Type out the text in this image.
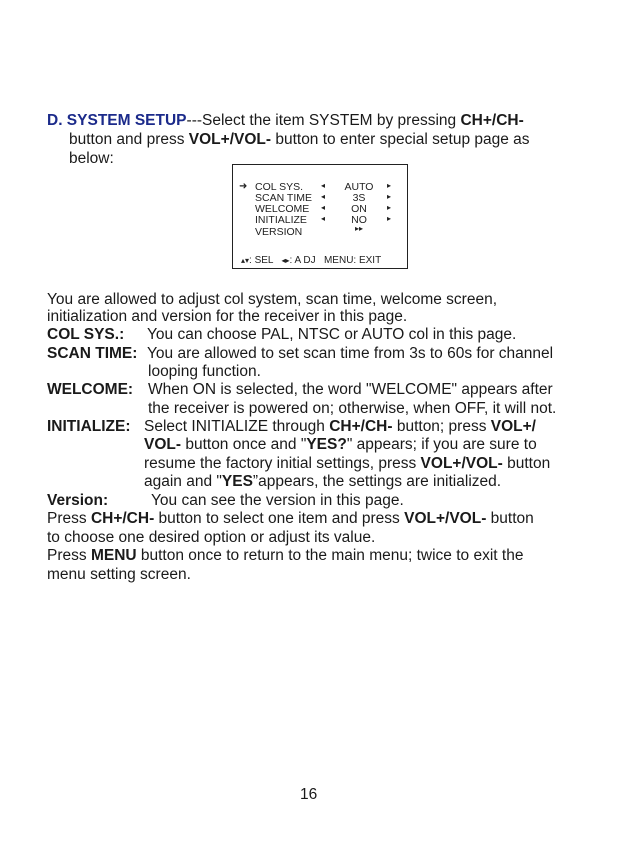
D. SYSTEM SETUP---Select the item SYSTEM by pressing CH+/CH-
button and press VOL+/VOL- button to enter special setup page as
below:
➜ COL SYS. ◂	AUTO	▸
SCAN TIME ◂	3S	▸
WELCOME ◂	ON	▸
INITIALIZE ◂	NO	▸
VERSION	▸▸
▴▾: SEL ◂▸: A DJ MENU: EXIT
You are allowed to adjust col system, scan time, welcome screen,
initialization and version for the receiver in this page.
COL SYS.: You can choose PAL, NTSC or AUTO col in this page.
SCAN TIME: You are allowed to set scan time from 3s to 60s for channel
looping function.
WELCOME: When ON is selected, the word "WELCOME" appears after
the receiver is powered on; otherwise, when OFF, it will not.
INITIALIZE: Select INITIALIZE through CH+/CH- button; press VOL+/
VOL- button once and "YES?" appears; if you are sure to
resume the factory initial settings, press VOL+/VOL- button
again and "YES”appears, the settings are initialized.
Version:	You can see the version in this page.
Press CH+/CH- button to select one item and press VOL+/VOL- button
to choose one desired option or adjust its value.
Press MENU button once to return to the main menu; twice to exit the
menu setting screen.
16
